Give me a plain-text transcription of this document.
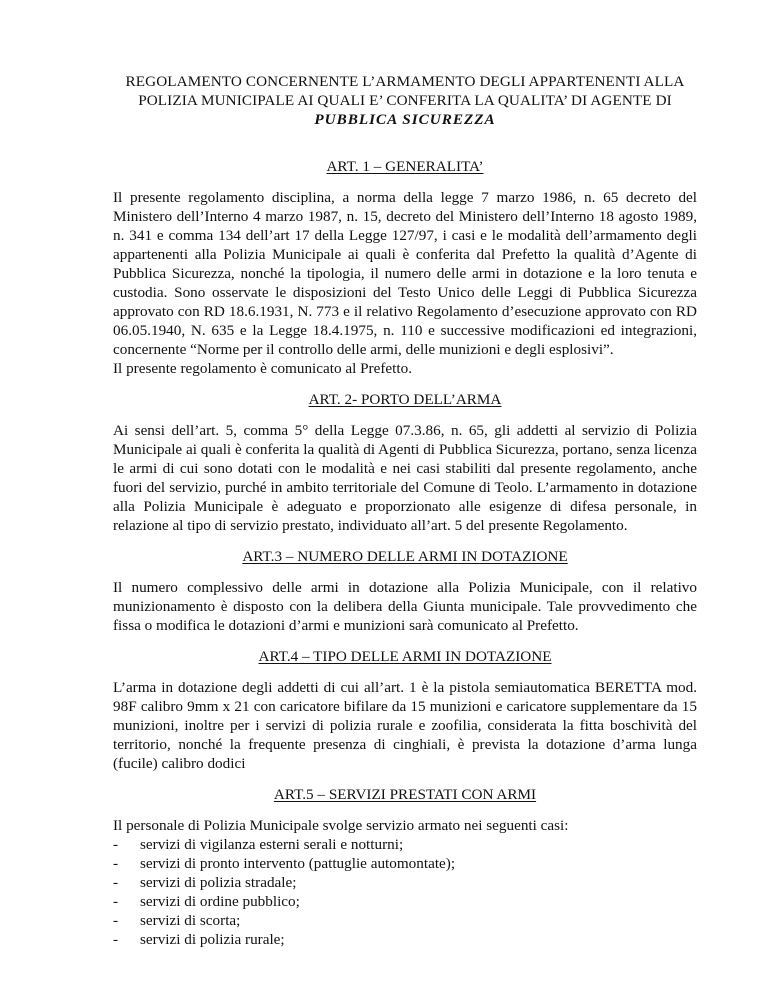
REGOLAMENTO CONCERNENTE L’ARMAMENTO DEGLI APPARTENENTI ALLA
POLIZIA MUNICIPALE AI QUALI E’ CONFERITA LA QUALITA’ DI AGENTE DI
PUBBLICA SICUREZZA
ART. 1 – GENERALITA’

Il presente regolamento disciplina, a norma della legge 7 marzo 1986, n. 65 decreto del Ministero dell’Interno 4 marzo 1987, n. 15, decreto del Ministero dell’Interno 18 agosto 1989, n. 341 e comma 134 dell’art 17 della Legge 127/97, i casi e le modalità dell’armamento degli appartenenti alla Polizia Municipale ai quali è conferita dal Prefetto la qualità d’Agente di Pubblica Sicurezza, nonché la tipologia, il numero delle armi in dotazione e la loro tenuta e custodia. Sono osservate le disposizioni del Testo Unico delle Leggi di Pubblica Sicurezza approvato con RD 18.6.1931, N. 773 e il relativo Regolamento d’esecuzione approvato con RD 06.05.1940, N. 635 e la Legge 18.4.1975, n. 110 e successive modificazioni ed integrazioni, concernente “Norme per il controllo delle armi, delle munizioni e degli esplosivi”.

Il presente regolamento è comunicato al Prefetto.

ART. 2- PORTO DELL’ARMA

Ai sensi dell’art. 5, comma 5° della Legge 07.3.86, n. 65, gli addetti al servizio di Polizia Municipale ai quali è conferita la qualità di Agenti di Pubblica Sicurezza, portano, senza licenza le armi di cui sono dotati con le modalità e nei casi stabiliti dal presente regolamento, anche fuori del servizio, purché in ambito territoriale del Comune di Teolo. L’armamento in dotazione alla Polizia Municipale è adeguato e proporzionato alle esigenze di difesa personale, in relazione al tipo di servizio prestato, individuato all’art. 5 del presente Regolamento.

ART.3 – NUMERO DELLE ARMI IN DOTAZIONE

Il numero complessivo delle armi in dotazione alla Polizia Municipale, con il relativo munizionamento è disposto con la delibera della Giunta municipale. Tale provvedimento che fissa o modifica le dotazioni d’armi e munizioni sarà comunicato al Prefetto.

ART.4 – TIPO DELLE ARMI IN DOTAZIONE

L’arma in dotazione degli addetti di cui all’art. 1 è la pistola semiautomatica BERETTA mod. 98F calibro 9mm x 21 con caricatore bifilare da 15 munizioni e caricatore supplementare da 15 munizioni, inoltre per i servizi di polizia rurale e zoofilia, considerata la fitta boschività del territorio, nonché la frequente presenza di cinghiali, è prevista la dotazione d’arma lunga (fucile) calibro dodici

ART.5 – SERVIZI PRESTATI CON ARMI

Il personale di Polizia Municipale svolge servizio armato nei seguenti casi:

- servizi di vigilanza esterni serali e notturni;
- servizi di pronto intervento (pattuglie automontate);
- servizi di polizia stradale;
- servizi di ordine pubblico;
- servizi di scorta;
- servizi di polizia rurale;
